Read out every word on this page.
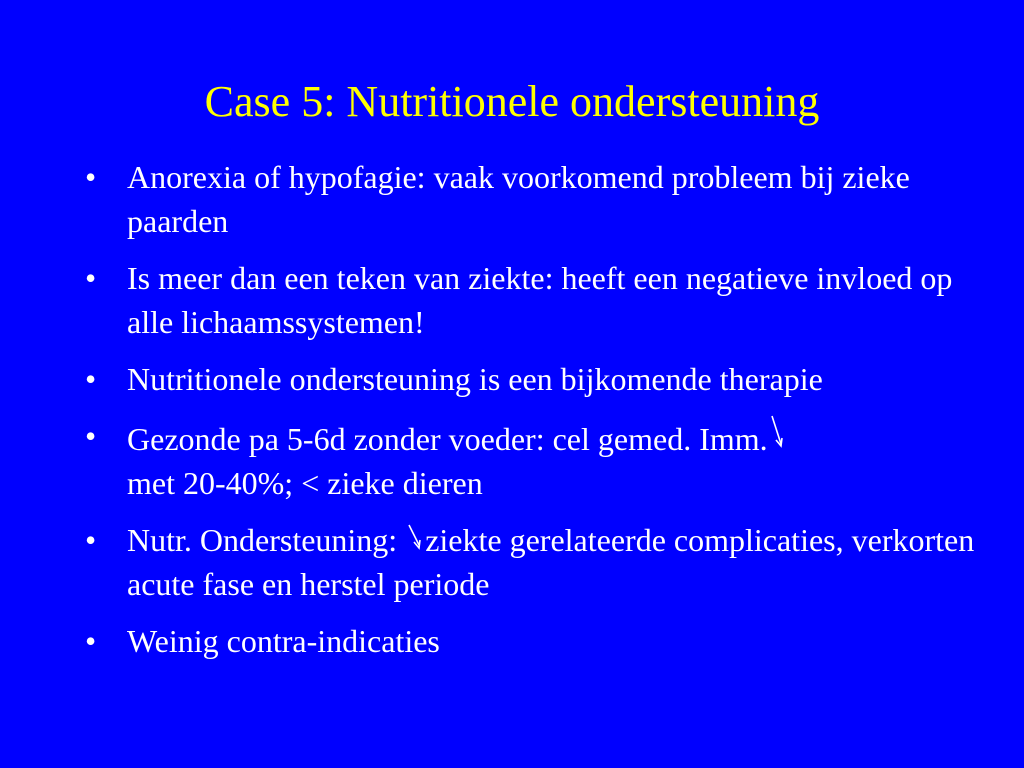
Case 5: Nutritionele ondersteuning
• Anorexia of hypofagie: vaak voorkomend probleem bij zieke paarden
• Is meer dan een teken van ziekte: heeft een negatieve invloed op alle lichaamssystemen!
• Nutritionele ondersteuning is een bijkomende therapie
• Gezonde pa 5-6d zonder voeder: cel gemed. Imm.

met 20-40%; < zieke dieren
• Nutr. Ondersteuning:
ziekte gerelateerde complicaties, verkorten acute fase en herstel periode
• Weinig contra-indicaties
